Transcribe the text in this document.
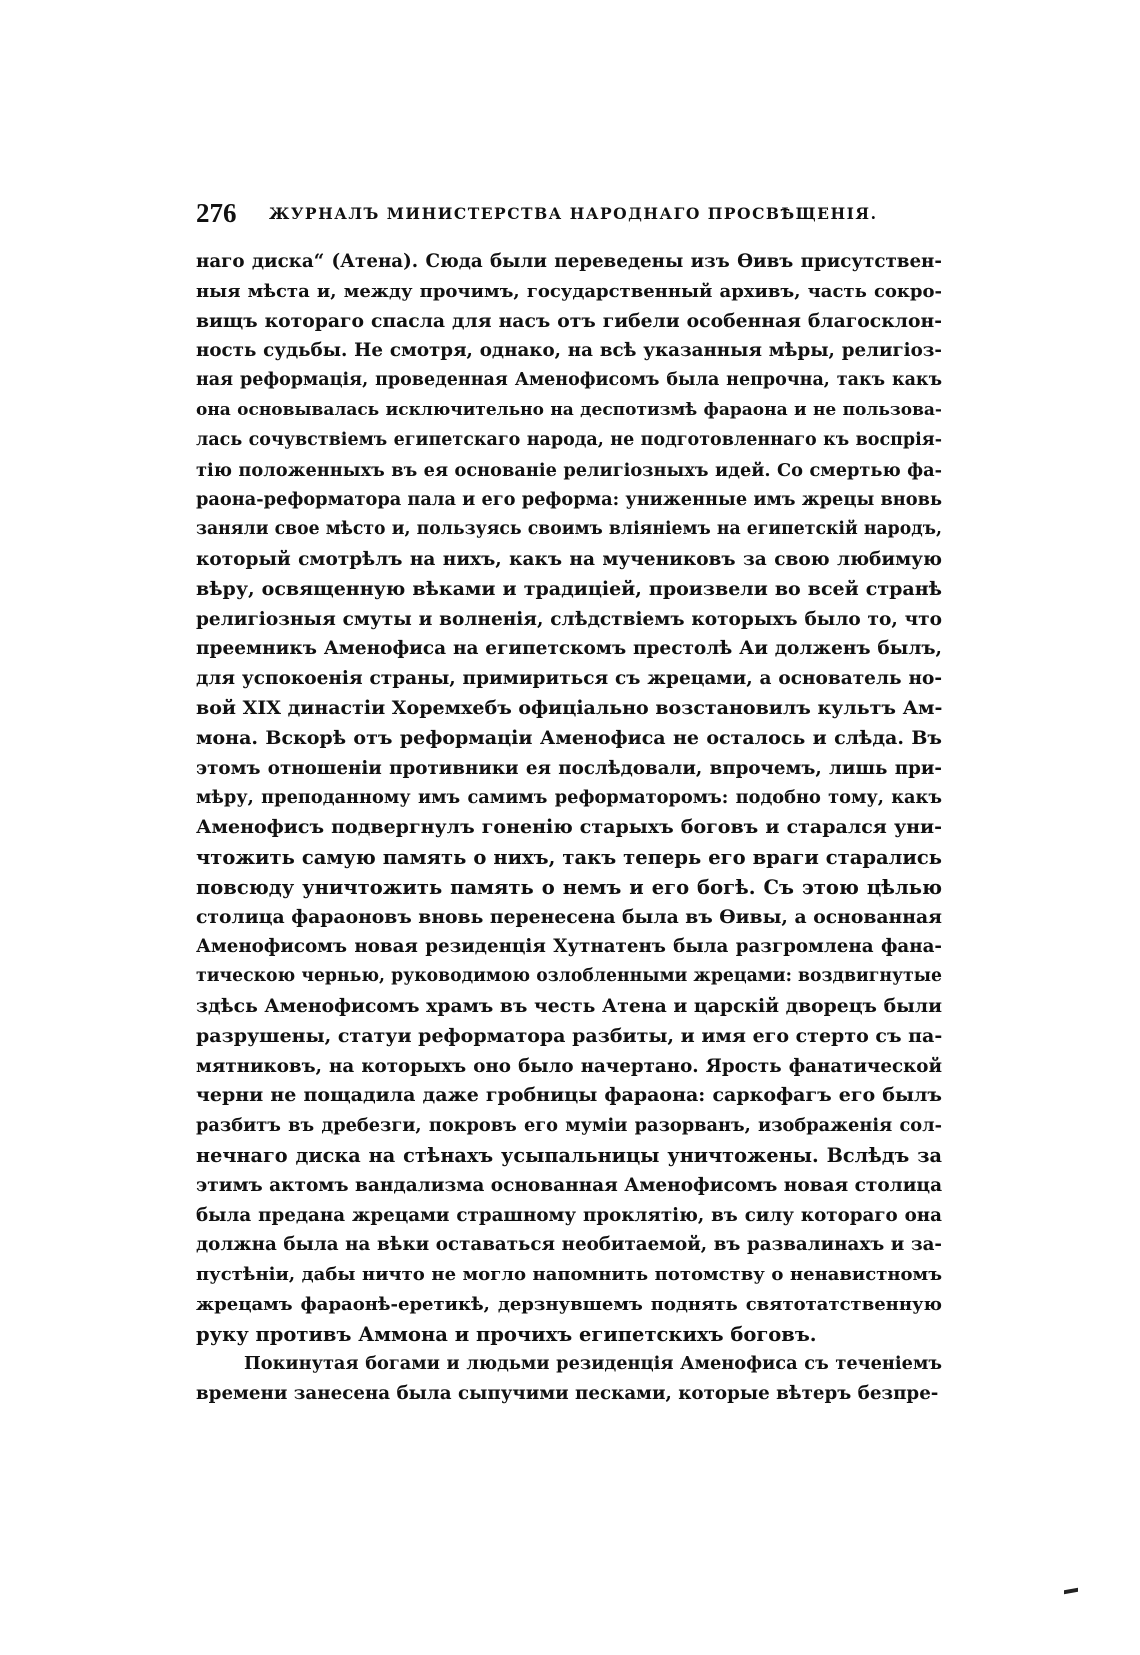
276 ЖУРНАЛЪ МИНИСТЕРСТВА НАРОДНАГО ПРОСВѢЩЕНІЯ.
наго диска“ (Атена). Сюда были переведены изъ Ѳивъ присутствен-
ныя мѣста и, между прочимъ, государственный архивъ, часть сокро-
вищъ которагo спасла для насъ отъ гибели особенная благосклон-
ность судьбы. Не смотря, однако, на всѣ указанныя мѣры, религіоз-
ная реформація, проведенная Аменофисомъ была непрочна, такъ какъ
она основывалась исключительно на деспотизмѣ фараона и не пользова-
лась сочувствіемъ египетскаго народа, не подготовленнаго къ воспрія-
тію положенныхъ въ ея основаніе религіозныхъ идей. Со смертью фа-
раона-реформатора пала и его реформа: униженные имъ жрецы вновь
заняли свое мѣсто и, пользуясь своимъ вліяніемъ на египетскій народъ,
который смотрѣлъ на нихъ, какъ на мучениковъ за свою любимую
вѣру, освященную вѣками и традиціей, произвели во всей странѣ
религіозныя смуты и волненія, слѣдствіемъ которыхъ было то, что
преемникъ Аменофиса на египетскомъ престолѣ Аи долженъ былъ,
для успокоенія страны, примириться съ жрецами, а основатель но-
вой XIX династіи Хоремхебъ офиціально возстановилъ культъ Ам-
мона. Вскорѣ отъ реформаціи Аменофиса не осталось и слѣда. Въ
этомъ отношеніи противники ея послѣдовали, впрочемъ, лишь при-
мѣру, преподанному имъ самимъ реформаторомъ: подобно тому, какъ
Аменофисъ подвергнулъ гоненію старыхъ боговъ и старался уни-
чтожить самую память о нихъ, такъ теперь его враги старались
повсюду уничтожить память о немъ и его богѣ. Съ этою цѣлью
столица фараоновъ вновь перенесена была въ Ѳивы, а основанная
Аменофисомъ новая резиденція Хутнатенъ была разгромлена фана-
тическою чернью, руководимою озлобленными жрецами: воздвигнутые
здѣсь Аменофисомъ храмъ въ честь Атена и царскій дворецъ были
разрушены, статуи реформатора разбиты, и имя его стерто съ па-
мятниковъ, на которыхъ оно было начертано. Ярость фанатической
черни не пощадила даже гробницы фараона: саркофагъ его былъ
разбитъ въ дребезги, покровъ его муміи разорванъ, изображенія сол-
нечнаго диска на стѣнахъ усыпальницы уничтожены. Вслѣдъ за
этимъ актомъ вандализма основанная Аменофисомъ новая столица
была предана жрецами страшному проклятію, въ силу котораго она
должна была на вѣки оставаться необитаемой, въ развалинахъ и за-
пустѣніи, дабы ничто не могло напомнить потомству о ненавистномъ
жрецамъ фараонѣ-еретикѣ, дерзнувшемъ поднять святотатственную
руку противъ Аммона и прочихъ египетскихъ боговъ.
Покинутая богами и людьми резиденція Аменофиса съ теченіемъ
времени занесена была сыпучими песками, которые вѣтеръ безпре-
